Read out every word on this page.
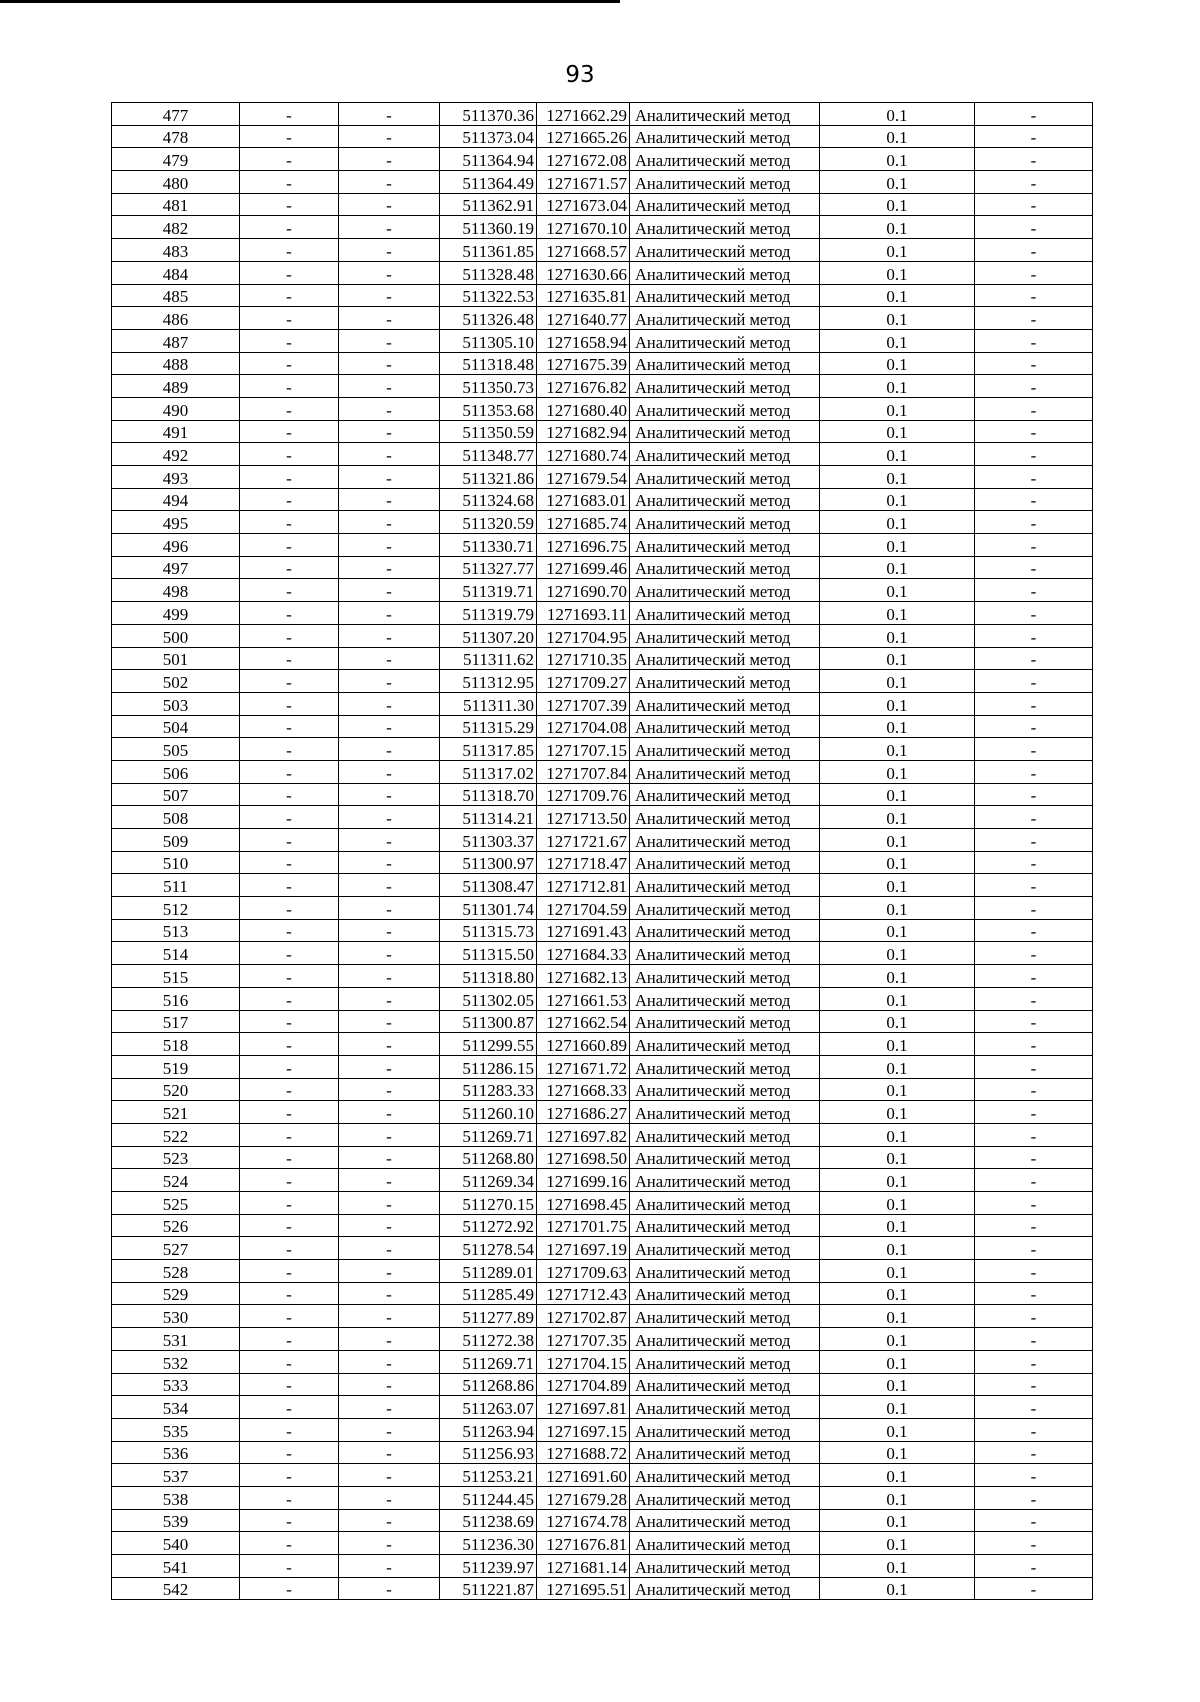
93
477	-	-	511370.36	1271662.29	Аналитический метод	0.1	-
478	-	-	511373.04	1271665.26	Аналитический метод	0.1	-
479	-	-	511364.94	1271672.08	Аналитический метод	0.1	-
480	-	-	511364.49	1271671.57	Аналитический метод	0.1	-
481	-	-	511362.91	1271673.04	Аналитический метод	0.1	-
482	-	-	511360.19	1271670.10	Аналитический метод	0.1	-
483	-	-	511361.85	1271668.57	Аналитический метод	0.1	-
484	-	-	511328.48	1271630.66	Аналитический метод	0.1	-
485	-	-	511322.53	1271635.81	Аналитический метод	0.1	-
486	-	-	511326.48	1271640.77	Аналитический метод	0.1	-
487	-	-	511305.10	1271658.94	Аналитический метод	0.1	-
488	-	-	511318.48	1271675.39	Аналитический метод	0.1	-
489	-	-	511350.73	1271676.82	Аналитический метод	0.1	-
490	-	-	511353.68	1271680.40	Аналитический метод	0.1	-
491	-	-	511350.59	1271682.94	Аналитический метод	0.1	-
492	-	-	511348.77	1271680.74	Аналитический метод	0.1	-
493	-	-	511321.86	1271679.54	Аналитический метод	0.1	-
494	-	-	511324.68	1271683.01	Аналитический метод	0.1	-
495	-	-	511320.59	1271685.74	Аналитический метод	0.1	-
496	-	-	511330.71	1271696.75	Аналитический метод	0.1	-
497	-	-	511327.77	1271699.46	Аналитический метод	0.1	-
498	-	-	511319.71	1271690.70	Аналитический метод	0.1	-
499	-	-	511319.79	1271693.11	Аналитический метод	0.1	-
500	-	-	511307.20	1271704.95	Аналитический метод	0.1	-
501	-	-	511311.62	1271710.35	Аналитический метод	0.1	-
502	-	-	511312.95	1271709.27	Аналитический метод	0.1	-
503	-	-	511311.30	1271707.39	Аналитический метод	0.1	-
504	-	-	511315.29	1271704.08	Аналитический метод	0.1	-
505	-	-	511317.85	1271707.15	Аналитический метод	0.1	-
506	-	-	511317.02	1271707.84	Аналитический метод	0.1	-
507	-	-	511318.70	1271709.76	Аналитический метод	0.1	-
508	-	-	511314.21	1271713.50	Аналитический метод	0.1	-
509	-	-	511303.37	1271721.67	Аналитический метод	0.1	-
510	-	-	511300.97	1271718.47	Аналитический метод	0.1	-
511	-	-	511308.47	1271712.81	Аналитический метод	0.1	-
512	-	-	511301.74	1271704.59	Аналитический метод	0.1	-
513	-	-	511315.73	1271691.43	Аналитический метод	0.1	-
514	-	-	511315.50	1271684.33	Аналитический метод	0.1	-
515	-	-	511318.80	1271682.13	Аналитический метод	0.1	-
516	-	-	511302.05	1271661.53	Аналитический метод	0.1	-
517	-	-	511300.87	1271662.54	Аналитический метод	0.1	-
518	-	-	511299.55	1271660.89	Аналитический метод	0.1	-
519	-	-	511286.15	1271671.72	Аналитический метод	0.1	-
520	-	-	511283.33	1271668.33	Аналитический метод	0.1	-
521	-	-	511260.10	1271686.27	Аналитический метод	0.1	-
522	-	-	511269.71	1271697.82	Аналитический метод	0.1	-
523	-	-	511268.80	1271698.50	Аналитический метод	0.1	-
524	-	-	511269.34	1271699.16	Аналитический метод	0.1	-
525	-	-	511270.15	1271698.45	Аналитический метод	0.1	-
526	-	-	511272.92	1271701.75	Аналитический метод	0.1	-
527	-	-	511278.54	1271697.19	Аналитический метод	0.1	-
528	-	-	511289.01	1271709.63	Аналитический метод	0.1	-
529	-	-	511285.49	1271712.43	Аналитический метод	0.1	-
530	-	-	511277.89	1271702.87	Аналитический метод	0.1	-
531	-	-	511272.38	1271707.35	Аналитический метод	0.1	-
532	-	-	511269.71	1271704.15	Аналитический метод	0.1	-
533	-	-	511268.86	1271704.89	Аналитический метод	0.1	-
534	-	-	511263.07	1271697.81	Аналитический метод	0.1	-
535	-	-	511263.94	1271697.15	Аналитический метод	0.1	-
536	-	-	511256.93	1271688.72	Аналитический метод	0.1	-
537	-	-	511253.21	1271691.60	Аналитический метод	0.1	-
538	-	-	511244.45	1271679.28	Аналитический метод	0.1	-
539	-	-	511238.69	1271674.78	Аналитический метод	0.1	-
540	-	-	511236.30	1271676.81	Аналитический метод	0.1	-
541	-	-	511239.97	1271681.14	Аналитический метод	0.1	-
542	-	-	511221.87	1271695.51	Аналитический метод	0.1	-
